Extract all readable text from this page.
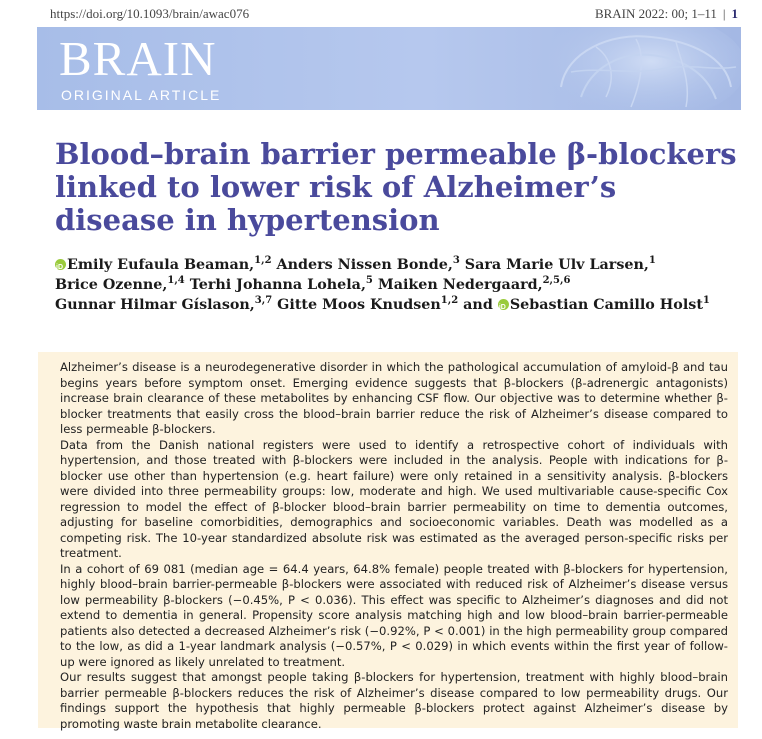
https://doi.org/10.1093/brain/awac076	BRAIN 2022: 00; 1–11 | 1
BRAIN
ORIGINAL ARTICLE
Blood–brain barrier permeable β-blockers linked to lower risk of Alzheimer’s disease in hypertension
iDEmily Eufaula Beaman,$^{1,2}$ Anders Nissen Bonde,$^3$ Sara Marie Ulv Larsen,$^1$
Brice Ozenne,$^{1,4}$ Terhi Johanna Lohela,$^5$ Maiken Nedergaard,$^{2,5,6}$
Gunnar Hilmar Gíslason,$^{3,7}$ Gitte Moos Knudsen$^{1,2}$ and iD Sebastian Camillo Holst$^1$

Alzheimer’s disease is a neurodegenerative disorder in which the pathological accumulation of amyloid-β and tau begins years before symptom onset. Emerging evidence suggests that β-blockers (β-adrenergic antagonists) increase brain clearance of these metabolites by enhancing CSF flow. Our objective was to determine whether β-blocker treatments that easily cross the blood–brain barrier reduce the risk of Alzheimer’s disease compared to less permeable β-blockers.

Data from the Danish national registers were used to identify a retrospective cohort of individuals with hypertension, and those treated with β-blockers were included in the analysis. People with indications for β-blocker use other than hypertension (e.g. heart failure) were only retained in a sensitivity analysis. β-blockers were divided into three permeability groups: low, moderate and high. We used multivariable cause-specific Cox regression to model the effect of β-blocker blood–brain barrier permeability on time to dementia outcomes, adjusting for baseline comorbidities, demographics and socioeconomic variables. Death was modelled as a competing risk. The 10-year standardized absolute risk was estimated as the averaged person-specific risks per treatment.

In a cohort of 69 081 (median age = 64.4 years, 64.8% female) people treated with β-blockers for hypertension, highly blood–brain barrier-permeable β-blockers were associated with reduced risk of Alzheimer’s disease versus low permeability β-blockers (−0.45%, P < 0.036). This effect was specific to Alzheimer’s diagnoses and did not extend to dementia in general. Propensity score analysis matching high and low blood–brain barrier-permeable patients also detected a decreased Alzheimer’s risk (−0.92%, P < 0.001) in the high permeability group compared to the low, as did a 1-year landmark analysis (−0.57%, P < 0.029) in which events within the first year of follow-up were ignored as likely unrelated to treatment.

Our results suggest that amongst people taking β-blockers for hypertension, treatment with highly blood–brain barrier permeable β-blockers reduces the risk of Alzheimer’s disease compared to low permeability drugs. Our findings support the hypothesis that highly permeable β-blockers protect against Alzheimer’s disease by promoting waste brain metabolite clearance.
